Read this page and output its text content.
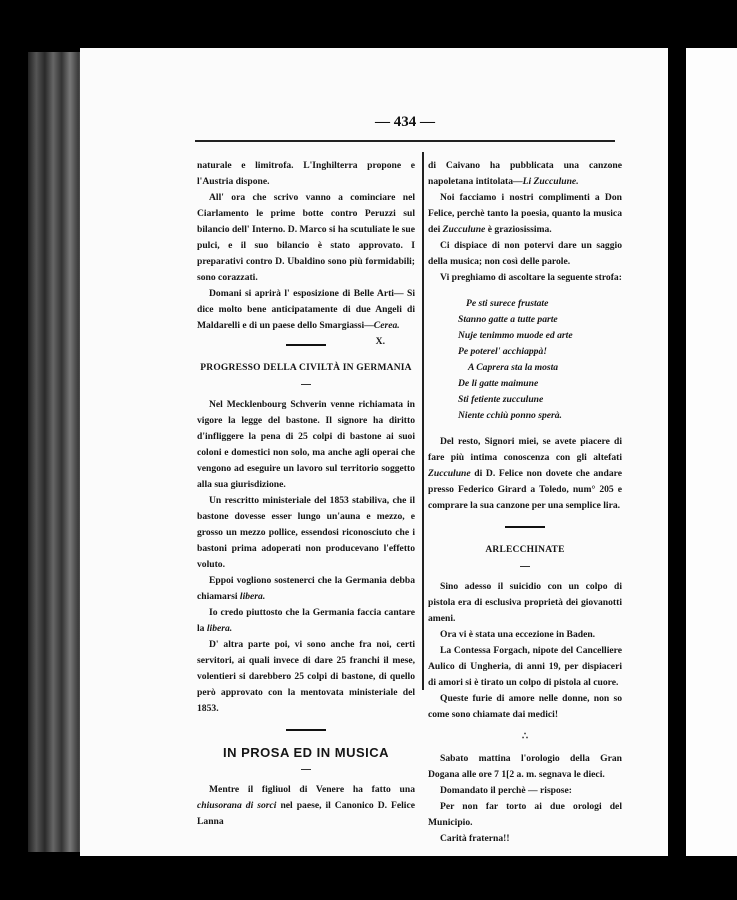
— 434 —

naturale e limitrofa. L'Inghilterra propone e l'Austria dispone.

All' ora che scrivo vanno a cominciare nel Ciarlamento le prime botte contro Peruzzi sul bilancio dell' Interno. D. Marco si ha scutuliate le sue pulci, e il suo bilancio è stato approvato. I preparativi contro D. Ubaldino sono più formidabili; sono corazzati.

Domani si aprirà l' esposizione di Belle Arti— Si dice molto bene anticipatamente di due Angeli di Maldarelli e di un paese dello Smargiassi—Cerea.

X.
PROGRESSO DELLA CIVILTÀ IN GERMANIA

Nel Mecklenbourg Schverin venne richiamata in vigore la legge del bastone. Il signore ha diritto d'infliggere la pena di 25 colpi di bastone ai suoi coloni e domestici non solo, ma anche agli operai che vengono ad eseguire un lavoro sul territorio soggetto alla sua giurisdizione.

Un rescritto ministeriale del 1853 stabiliva, che il bastone dovesse esser lungo un'auna e mezzo, e grosso un mezzo pollice, essendosi riconosciuto che i bastoni prima adoperati non producevano l'effetto voluto.

Eppoi vogliono sostenerci che la Germania debba chiamarsi libera.

Io credo piuttosto che la Germania faccia cantare la libera.

D' altra parte poi, vi sono anche fra noi, certi servitori, ai quali invece di dare 25 franchi il mese, volentieri si darebbero 25 colpi di bastone, di quello però approvato con la mentovata ministeriale del 1853.

IN PROSA ED IN MUSICA

Mentre il figliuol di Venere ha fatto una chiusorana di sorci nel paese, il Canonico D. Felice Lanna

di Caivano ha pubblicata una canzone napoletana intitolata—Li Zucculune.

Noi facciamo i nostri complimenti a Don Felice, perchè tanto la poesia, quanto la musica dei Zucculune è graziosissima.

Ci dispiace di non potervi dare un saggio della musica; non così delle parole.

Vi preghiamo di ascoltare la seguente strofa:

Pe sti surece frustate
Stanno gatte a tutte parte
Nuje tenimmo muode ed arte
Pe poterel' acchiappà!
A Caprera sta la mosta
De li gatte maimune
Sti fetiente zucculune
Niente cchiù ponno sperà.

Del resto, Signori miei, se avete piacere di fare più intima conoscenza con gli altefati Zucculune di D. Felice non dovete che andare presso Federico Girard a Toledo, num° 205 e comprare la sua canzone per una semplice lira.

ARLECCHINATE

Sino adesso il suicidio con un colpo di pistola era di esclusiva proprietà dei giovanotti ameni.

Ora vi è stata una eccezione in Baden.

La Contessa Forgach, nipote del Cancelliere Aulico di Ungheria, di anni 19, per dispiaceri di amori si è tirato un colpo di pistola al cuore.

Queste furie di amore nelle donne, non so come sono chiamate dai medici!

∴

Sabato mattina l'orologio della Gran Dogana alle ore 7 1[2 a. m. segnava le dieci.

Domandato il perchè — rispose:

Per non far torto ai due orologi del Municipio.

Carità fraterna!!
